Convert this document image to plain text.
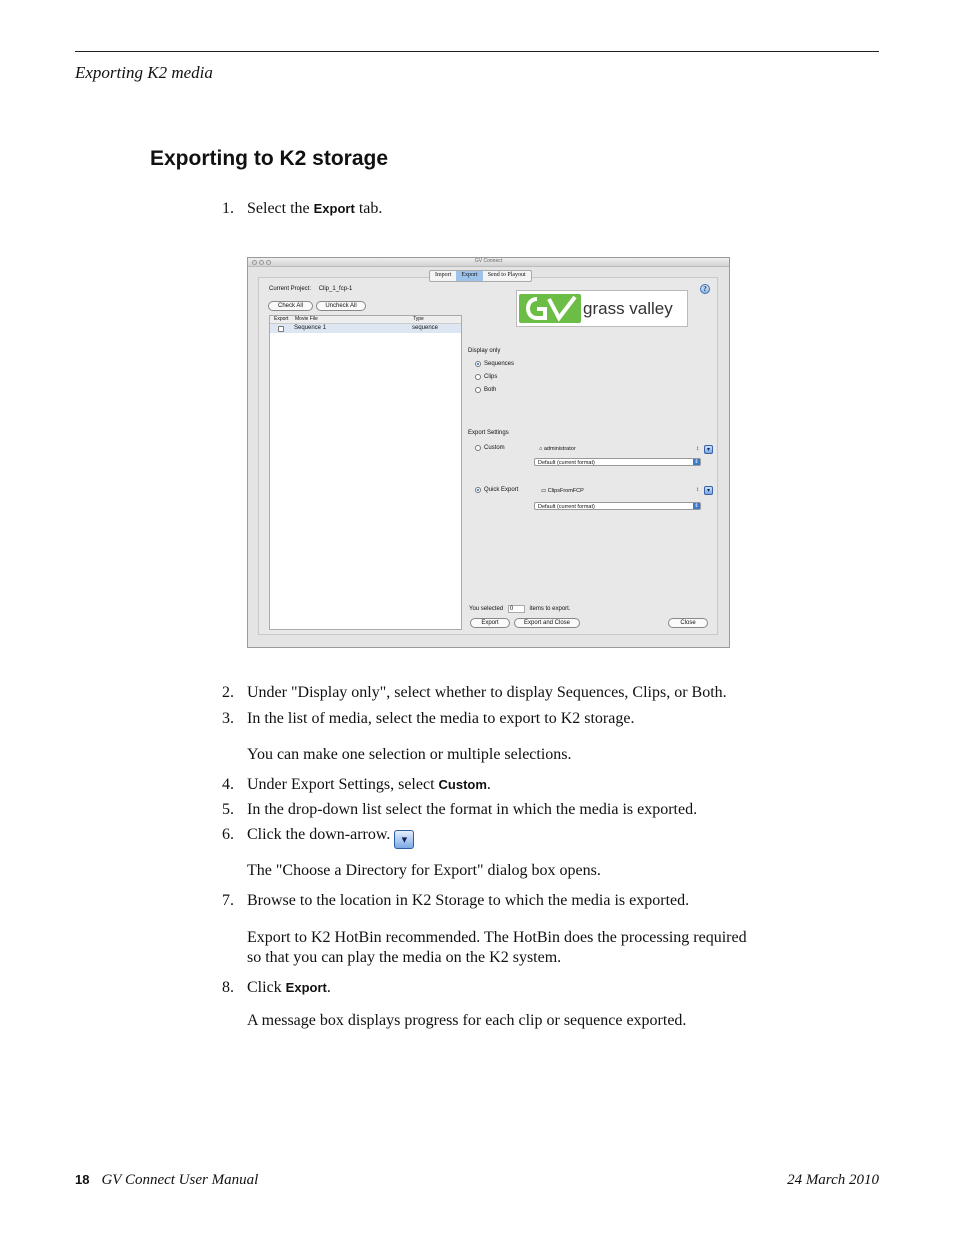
Exporting K2 media
Exporting to K2 storage
1. Select the Export tab.
GV Connect
Import	Export	Send to Playout
Current Project: Clip_1_fcp-1
Check All	Uncheck All
Export Movie File	Type
Sequence 1	sequence
grass valley
?
Display only
Sequences
Clips
Both
Export Settings
Custom	⌂ administrator	↕	▾
Default (current format)	⇕
Quick Export	▭ ClipsFromFCP	↕	▾
Default (current format)	⇕
You selected 0	items to export.
Export	Export and Close	Close
2. Under "Display only", select whether to display Sequences, Clips, or Both.
3. In the list of media, select the media to export to K2 storage.
You can make one selection or multiple selections.
4. Under Export Settings, select Custom.
5. In the drop-down list select the format in which the media is exported.
6. Click the down-arrow. ▾
The "Choose a Directory for Export" dialog box opens.
7. Browse to the location in K2 Storage to which the media is exported.
Export to K2 HotBin recommended. The HotBin does the processing required
so that you can play the media on the K2 system.
8. Click Export.
A message box displays progress for each clip or sequence exported.
18 GV Connect User Manual	24 March 2010
